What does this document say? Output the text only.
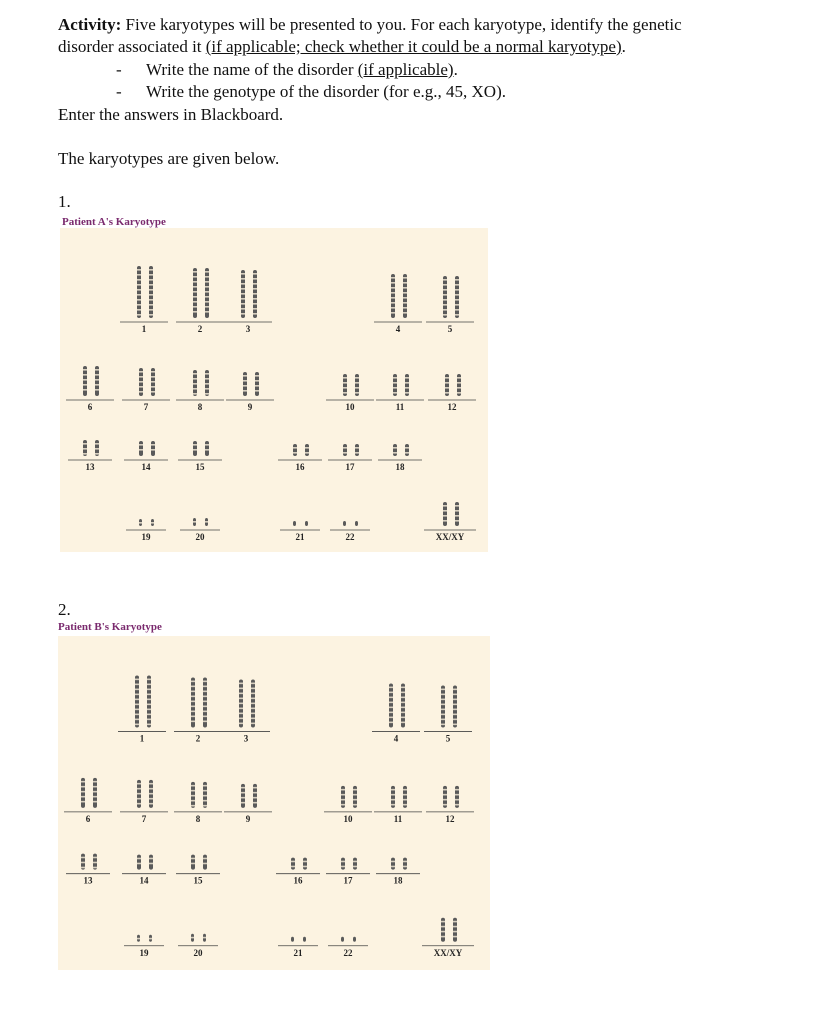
Activity: Five karyotypes will be presented to you. For each karyotype, identify the genetic

disorder associated it (if applicable; check whether it could be a normal karyotype).

- Write the name of the disorder (if applicable).
- Write the genotype of the disorder (for e.g., 45, XO).

Enter the answers in Blackboard.

The karyotypes are given below.

1.
Patient A's Karyotype
1	2	3	4	5
6	7	8	9	10	11	12
13	14	15	16	17	18
19	20	21	22	XX/XY
2.
Patient B's Karyotype
1	2	3	4	5
6	7	8	9	10	11	12
13	14	15	16	17	18
19	20	21	22	XX/XY
